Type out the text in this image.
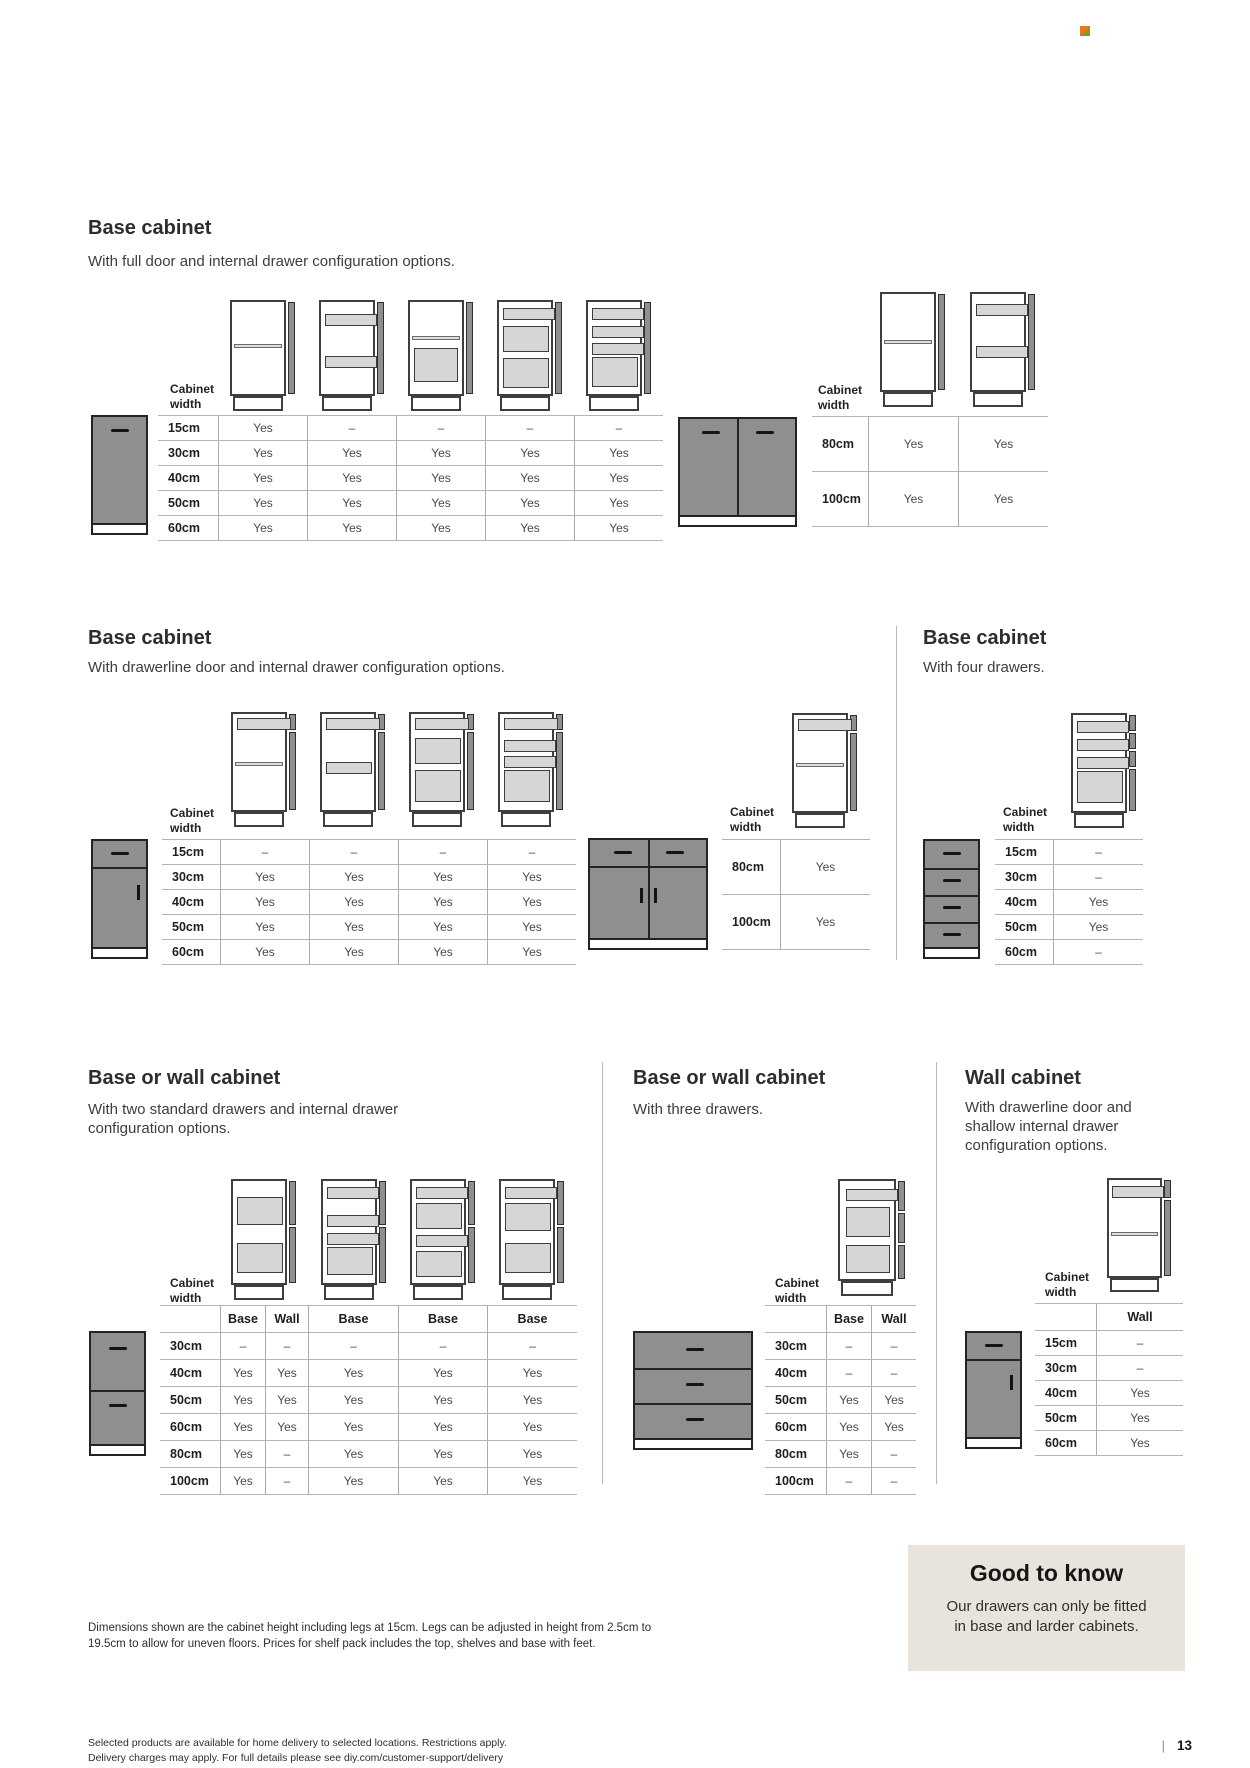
Base cabinet
With full door and internal drawer configuration options.
Cabinet width
15cm	Yes	–	–	–	–
30cm	Yes	Yes	Yes	Yes	Yes
40cm	Yes	Yes	Yes	Yes	Yes
50cm	Yes	Yes	Yes	Yes	Yes
60cm	Yes	Yes	Yes	Yes	Yes
Cabinet width
80cm	Yes	Yes
100cm	Yes	Yes
Base cabinet
With drawerline door and internal drawer configuration options.
Cabinet width
15cm	–	–	–	–
30cm	Yes	Yes	Yes	Yes
40cm	Yes	Yes	Yes	Yes
50cm	Yes	Yes	Yes	Yes
60cm	Yes	Yes	Yes	Yes
Cabinet width
80cm	Yes
100cm	Yes
Base cabinet
With four drawers.
Cabinet width
15cm	–
30cm	–
40cm	Yes
50cm	Yes
60cm	–
Base or wall cabinet
With two standard drawers and internal drawer configuration options.
Cabinet width
Base	Wall	Base	Base	Base
30cm	–	–	–	–	–
40cm	Yes	Yes	Yes	Yes	Yes
50cm	Yes	Yes	Yes	Yes	Yes
60cm	Yes	Yes	Yes	Yes	Yes
80cm	Yes	–	Yes	Yes	Yes
100cm	Yes	–	Yes	Yes	Yes
Base or wall cabinet
With three drawers.
Cabinet width
Base	Wall
30cm	–	–
40cm	–	–
50cm	Yes	Yes
60cm	Yes	Yes
80cm	Yes	–
100cm	–	–
Wall cabinet
With drawerline door and shallow internal drawer configuration options.
Cabinet width
Wall
15cm	–
30cm	–
40cm	Yes
50cm	Yes
60cm	Yes
Good to know

Our drawers can only be fitted
in base and larder cabinets.

Dimensions shown are the cabinet height including legs at 15cm. Legs can be adjusted in height from 2.5cm to 19.5cm to allow for uneven floors. Prices for shelf pack includes the top, shelves and base with feet.
Selected products are available for home delivery to selected locations. Restrictions apply.
Delivery charges may apply. For full details please see diy.com/customer-support/delivery
| 13
